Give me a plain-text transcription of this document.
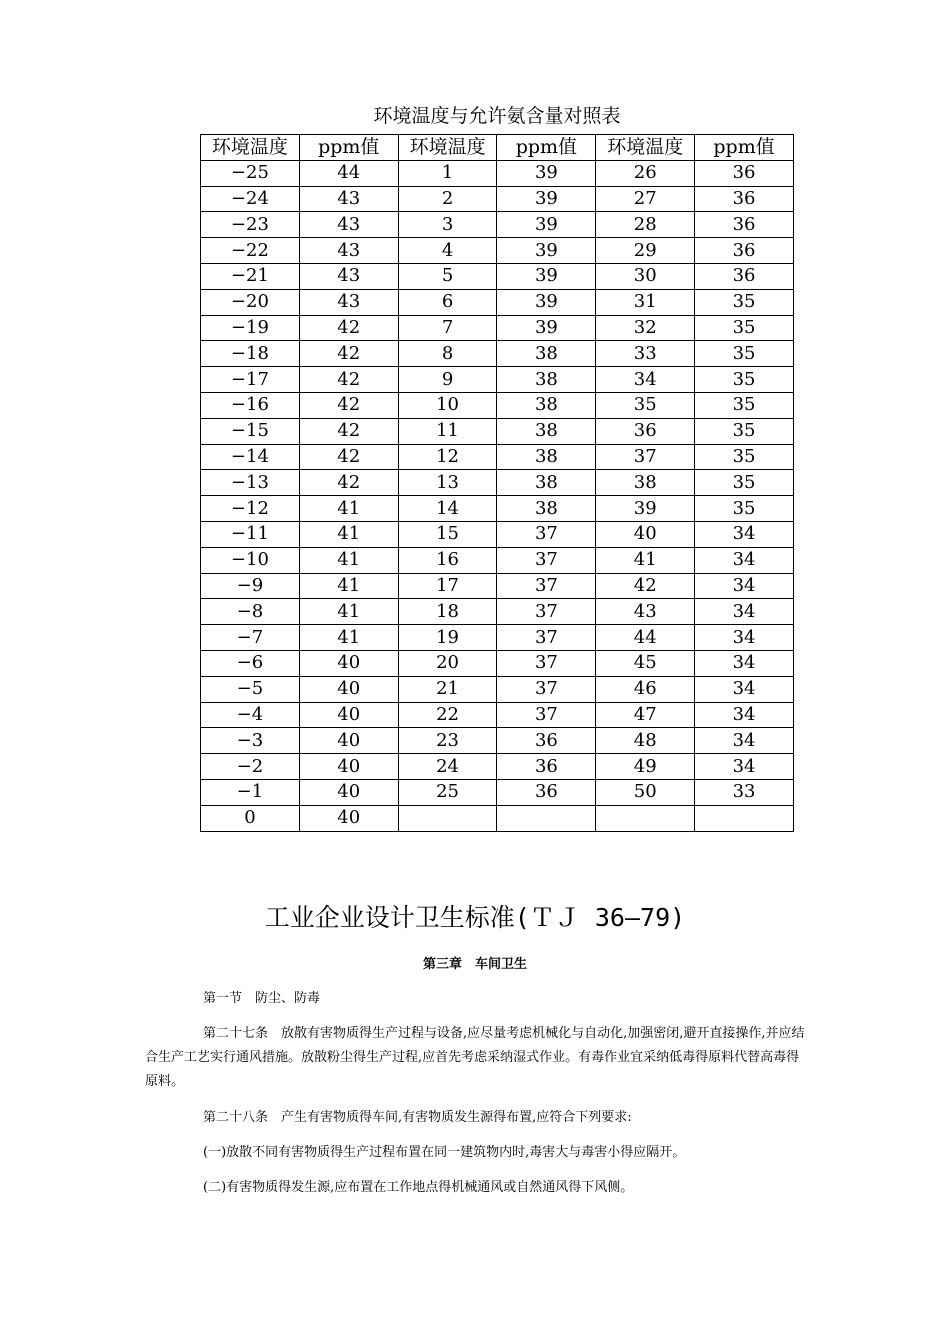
环境温度与允许氨含量对照表
环境温度	ppm值	环境温度	ppm值	环境温度	ppm值
−25	44	1	39	26	36
−24	43	2	39	27	36
−23	43	3	39	28	36
−22	43	4	39	29	36
−21	43	5	39	30	36
−20	43	6	39	31	35
−19	42	7	39	32	35
−18	42	8	38	33	35
−17	42	9	38	34	35
−16	42	10	38	35	35
−15	42	11	38	36	35
−14	42	12	38	37	35
−13	42	13	38	38	35
−12	41	14	38	39	35
−11	41	15	37	40	34
−10	41	16	37	41	34
−9	41	17	37	42	34
−8	41	18	37	43	34
−7	41	19	37	44	34
−6	40	20	37	45	34
−5	40	21	37	46	34
−4	40	22	37	47	34
−3	40	23	36	48	34
−2	40	24	36	49	34
−1	40	25	36	50	33
0	40				
工业企业设计卫生标准(ＴＪ 36—79)
第三章　车间卫生

第一节　防尘、防毒

第二十七条　放散有害物质得生产过程与设备,应尽量考虑机械化与自动化,加强密闭,避开直接操作,并应结合生产工艺实行通风措施。放散粉尘得生产过程,应首先考虑采纳湿式作业。有毒作业宜采纳低毒得原料代替高毒得原料。

第二十八条　产生有害物质得车间,有害物质发生源得布置,应符合下列要求:

(一)放散不同有害物质得生产过程布置在同一建筑物内时,毒害大与毒害小得应隔开。

(二)有害物质得发生源,应布置在工作地点得机械通风或自然通风得下风侧。
